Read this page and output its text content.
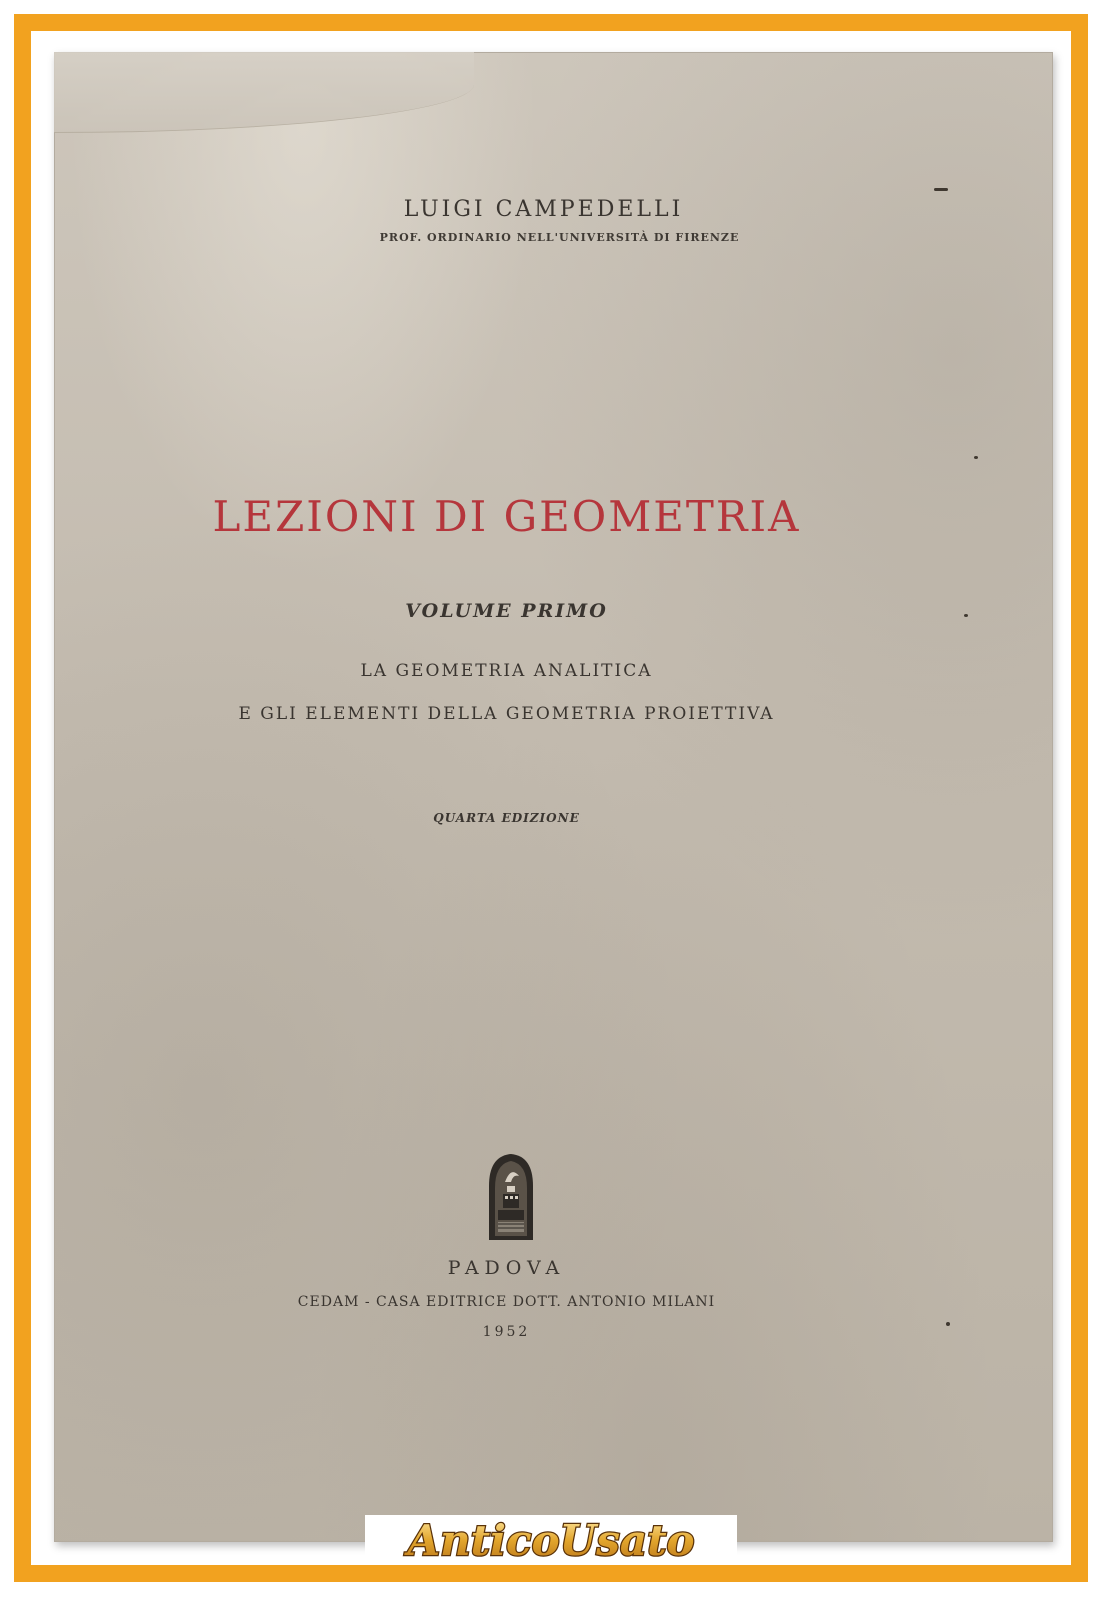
LUIGI CAMPEDELLI
PROF. ORDINARIO NELL'UNIVERSITÀ DI FIRENZE
LEZIONI DI GEOMETRIA
VOLUME PRIMO
LA GEOMETRIA ANALITICA
E GLI ELEMENTI DELLA GEOMETRIA PROIETTIVA
QUARTA EDIZIONE
PADOVA
CEDAM - CASA EDITRICE DOTT. ANTONIO MILANI
1952
AnticoUsato
